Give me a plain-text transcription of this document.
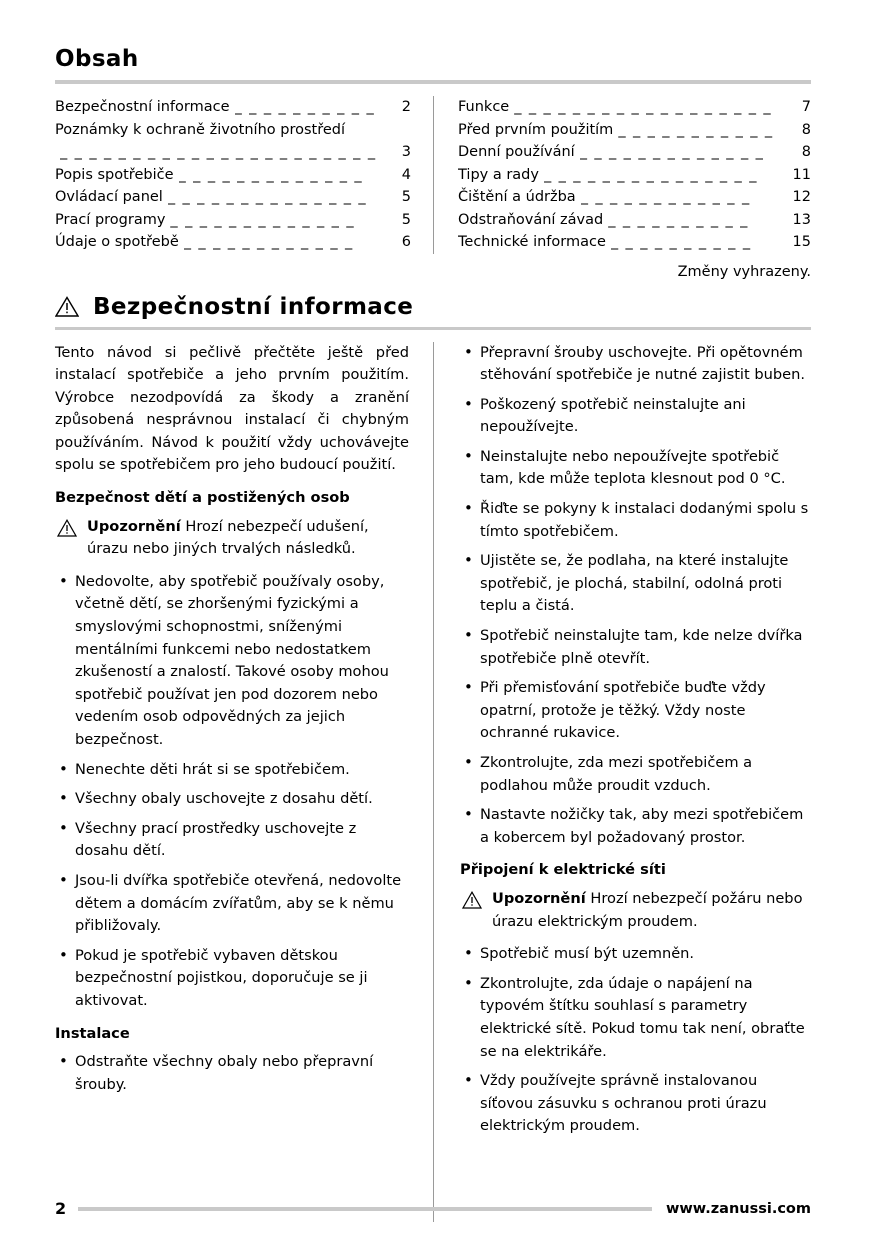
Obsah
Bezpečnostní informace _ _ _ _ _ _ _ _ _ _	2
Poznámky k ochraně životního prostředí
_ _ _ _ _ _ _ _ _ _ _ _ _ _ _ _ _ _ _ _ _ _	3
Popis spotřebiče _ _ _ _ _ _ _ _ _ _ _ _ _	4
Ovládací panel _ _ _ _ _ _ _ _ _ _ _ _ _ _	5
Prací programy _ _ _ _ _ _ _ _ _ _ _ _ _	5
Údaje o spotřebě _ _ _ _ _ _ _ _ _ _ _ _	6
Funkce _ _ _ _ _ _ _ _ _ _ _ _ _ _ _ _ _ _	7
Před prvním použitím _ _ _ _ _ _ _ _ _ _ _	8
Denní používání _ _ _ _ _ _ _ _ _ _ _ _ _	8
Tipy a rady _ _ _ _ _ _ _ _ _ _ _ _ _ _ _	11
Čištění a údržba _ _ _ _ _ _ _ _ _ _ _ _	12
Odstraňování závad _ _ _ _ _ _ _ _ _ _	13
Technické informace _ _ _ _ _ _ _ _ _ _	15
Změny vyhrazeny.
Bezpečnostní informace

Tento návod si pečlivě přečtěte ještě před instalací spotřebiče a jeho prvním použitím. Výrobce nezodpovídá za škody a zranění způsobená nesprávnou instalací či chybným používáním. Návod k použití vždy uchovávejte spolu se spotřebičem pro jeho budoucí použití.

Bezpečnost dětí a postižených osob
Upozornění Hrozí nebezpečí udušení, úrazu nebo jiných trvalých následků.
• Nedovolte, aby spotřebič používaly osoby, včetně dětí, se zhoršenými fyzickými a smyslovými schopnostmi, sníženými mentálními funkcemi nebo nedostatkem zkušeností a znalostí. Takové osoby mohou spotřebič používat jen pod dozorem nebo vedením osob odpovědných za jejich bezpečnost.
• Nenechte děti hrát si se spotřebičem.
• Všechny obaly uschovejte z dosahu dětí.
• Všechny prací prostředky uschovejte z dosahu dětí.
• Jsou-li dvířka spotřebiče otevřená, nedovolte dětem a domácím zvířatům, aby se k němu přibližovaly.
• Pokud je spotřebič vybaven dětskou bezpečnostní pojistkou, doporučuje se ji aktivovat.
Instalace
• Odstraňte všechny obaly nebo přepravní šrouby.
• Přepravní šrouby uschovejte. Při opětovném stěhování spotřebiče je nutné zajistit buben.
• Poškozený spotřebič neinstalujte ani nepoužívejte.
• Neinstalujte nebo nepoužívejte spotřebič tam, kde může teplota klesnout pod 0 °C.
• Řiďte se pokyny k instalaci dodanými spolu s tímto spotřebičem.
• Ujistěte se, že podlaha, na které instalujte spotřebič, je plochá, stabilní, odolná proti teplu a čistá.
• Spotřebič neinstalujte tam, kde nelze dvířka spotřebiče plně otevřít.
• Při přemisťování spotřebiče buďte vždy opatrní, protože je těžký. Vždy noste ochranné rukavice.
• Zkontrolujte, zda mezi spotřebičem a podlahou může proudit vzduch.
• Nastavte nožičky tak, aby mezi spotřebičem a kobercem byl požadovaný prostor.
Připojení k elektrické síti
Upozornění Hrozí nebezpečí požáru nebo úrazu elektrickým proudem.
• Spotřebič musí být uzemněn.
• Zkontrolujte, zda údaje o napájení na typovém štítku souhlasí s parametry elektrické sítě. Pokud tomu tak není, obraťte se na elektrikáře.
• Vždy používejte správně instalovanou síťovou zásuvku s ochranou proti úrazu elektrickým proudem.
2	www.zanussi.com
